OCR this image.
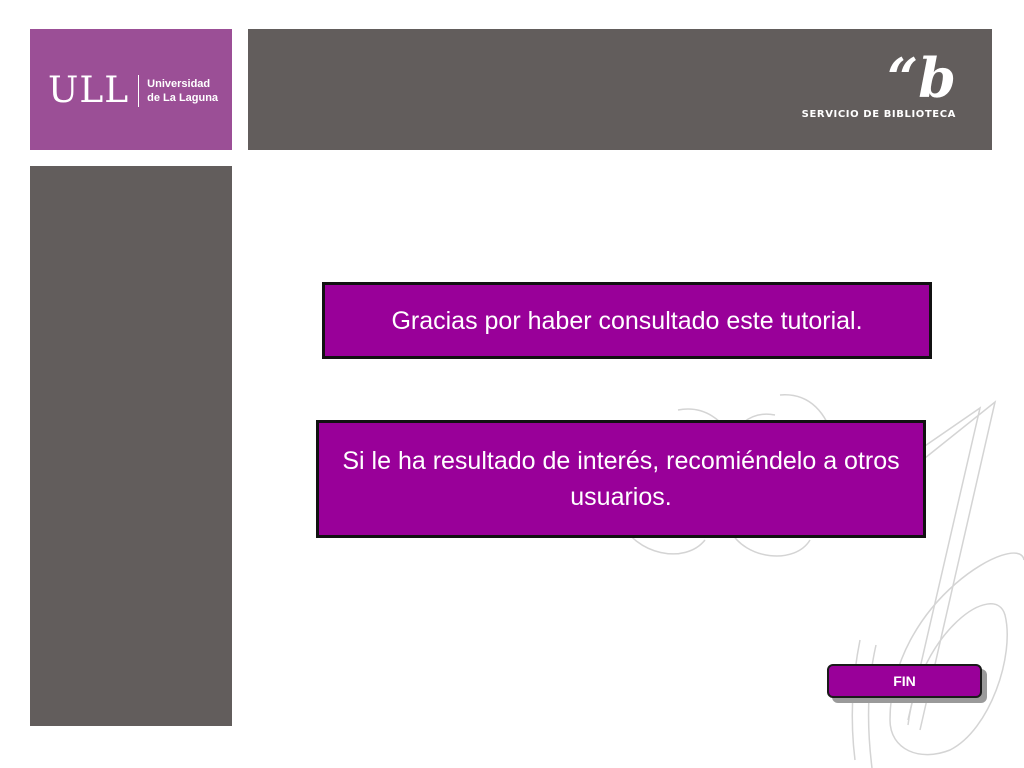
ULL Universidad
de La Laguna	“b
SERVICIO DE BIBLIOTECA
Gracias por haber consultado este tutorial.
Si le ha resultado de interés, recomiéndelo a otros usuarios.
FIN
